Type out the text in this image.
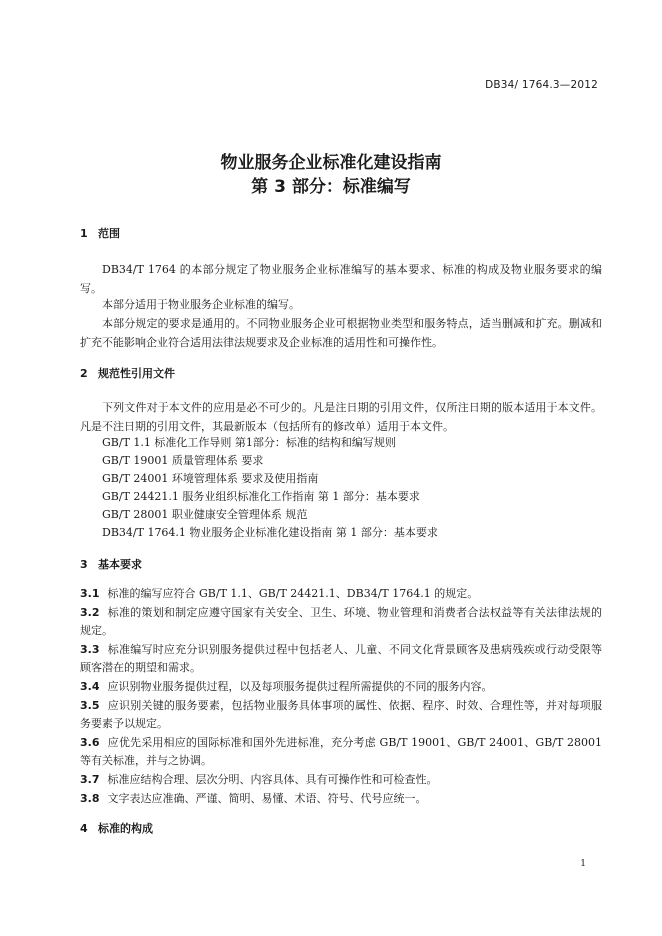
DB34/ 1764.3—2012
物业服务企业标准化建设指南
第 3 部分：标准编写
1 范围
DB34/T 1764 的本部分规定了物业服务企业标准编写的基本要求、标准的构成及物业服务要求的编写。
本部分适用于物业服务企业标准的编写。
本部分规定的要求是通用的。不同物业服务企业可根据物业类型和服务特点，适当删减和扩充。删减和扩充不能影响企业符合适用法律法规要求及企业标准的适用性和可操作性。
2 规范性引用文件
下列文件对于本文件的应用是必不可少的。凡是注日期的引用文件，仅所注日期的版本适用于本文件。凡是不注日期的引用文件，其最新版本（包括所有的修改单）适用于本文件。
GB/T 1.1 标准化工作导则 第1部分：标准的结构和编写规则
GB/T 19001 质量管理体系 要求
GB/T 24001 环境管理体系 要求及使用指南
GB/T 24421.1 服务业组织标准化工作指南 第 1 部分：基本要求
GB/T 28001 职业健康安全管理体系 规范
DB34/T 1764.1 物业服务企业标准化建设指南 第 1 部分：基本要求
3 基本要求
3.1 标准的编写应符合 GB/T 1.1、GB/T 24421.1、DB34/T 1764.1 的规定。
3.2 标准的策划和制定应遵守国家有关安全、卫生、环境、物业管理和消费者合法权益等有关法律法规的规定。
3.3 标准编写时应充分识别服务提供过程中包括老人、儿童、不同文化背景顾客及患病残疾或行动受限等顾客潜在的期望和需求。
3.4 应识别物业服务提供过程，以及每项服务提供过程所需提供的不同的服务内容。
3.5 应识别关键的服务要素，包括物业服务具体事项的属性、依据、程序、时效、合理性等，并对每项服务要素予以规定。
3.6 应优先采用相应的国际标准和国外先进标准，充分考虑 GB/T 19001、GB/T 24001、GB/T 28001 等有关标准，并与之协调。
3.7 标准应结构合理、层次分明、内容具体、具有可操作性和可检查性。
3.8 文字表达应准确、严谨、简明、易懂、术语、符号、代号应统一。
4 标准的构成
1
